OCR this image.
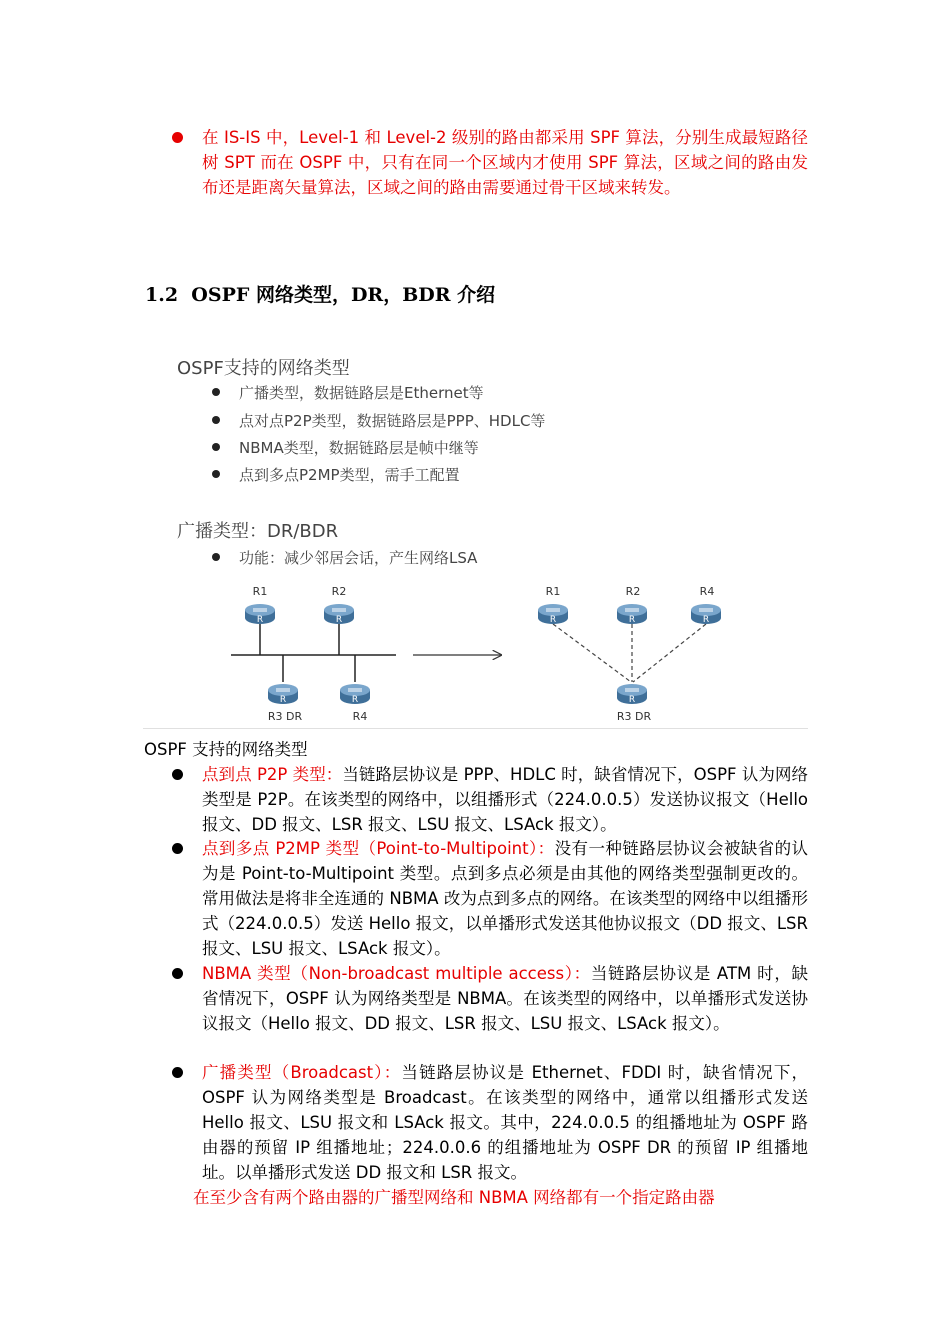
在 IS-IS 中，Level-1 和 Level-2 级别的路由都采用 SPF 算法，分别生成最短路径树 SPT 而在 OSPF 中，只有在同一个区域内才使用 SPF 算法，区域之间的路由发布还是距离矢量算法，区域之间的路由需要通过骨干区域来转发。
1.2 OSPF 网络类型，DR，BDR 介绍
OSPF支持的网络类型
广播类型，数据链路层是Ethernet等
点对点P2P类型，数据链路层是PPP、HDLC等
NBMA类型，数据链路层是帧中继等
点到多点P2MP类型，需手工配置
广播类型：DR/BDR
功能：减少邻居会话，产生网络LSA
R	R1	R2
R3 DR	R4
R1	R2	R4
R3 DR
OSPF 支持的网络类型
点到点 P2P 类型：当链路层协议是 PPP、HDLC 时，缺省情况下，OSPF 认为网络类型是 P2P。在该类型的网络中，以组播形式（224.0.0.5）发送协议报文（Hello 报文、DD 报文、LSR 报文、LSU 报文、LSAck 报文）。
点到多点 P2MP 类型（Point-to-Multipoint）：没有一种链路层协议会被缺省的认为是 Point-to-Multipoint 类型。点到多点必须是由其他的网络类型强制更改的。常用做法是将非全连通的 NBMA 改为点到多点的网络。在该类型的网络中以组播形式（224.0.0.5）发送 Hello 报文，以单播形式发送其他协议报文（DD 报文、LSR 报文、LSU 报文、LSAck 报文）。
NBMA 类型（Non-broadcast multiple access）：当链路层协议是 ATM 时，缺省情况下，OSPF 认为网络类型是 NBMA。在该类型的网络中，以单播形式发送协议报文（Hello 报文、DD 报文、LSR 报文、LSU 报文、LSAck 报文）。
广播类型（Broadcast）：当链路层协议是 Ethernet、FDDI 时，缺省情况下，OSPF 认为网络类型是 Broadcast。在该类型的网络中，通常以组播形式发送 Hello 报文、LSU 报文和 LSAck 报文。其中，224.0.0.5 的组播地址为 OSPF 路由器的预留 IP 组播地址；224.0.0.6 的组播地址为 OSPF DR 的预留 IP 组播地址。以单播形式发送 DD 报文和 LSR 报文。
在至少含有两个路由器的广播型网络和 NBMA 网络都有一个指定路由器
